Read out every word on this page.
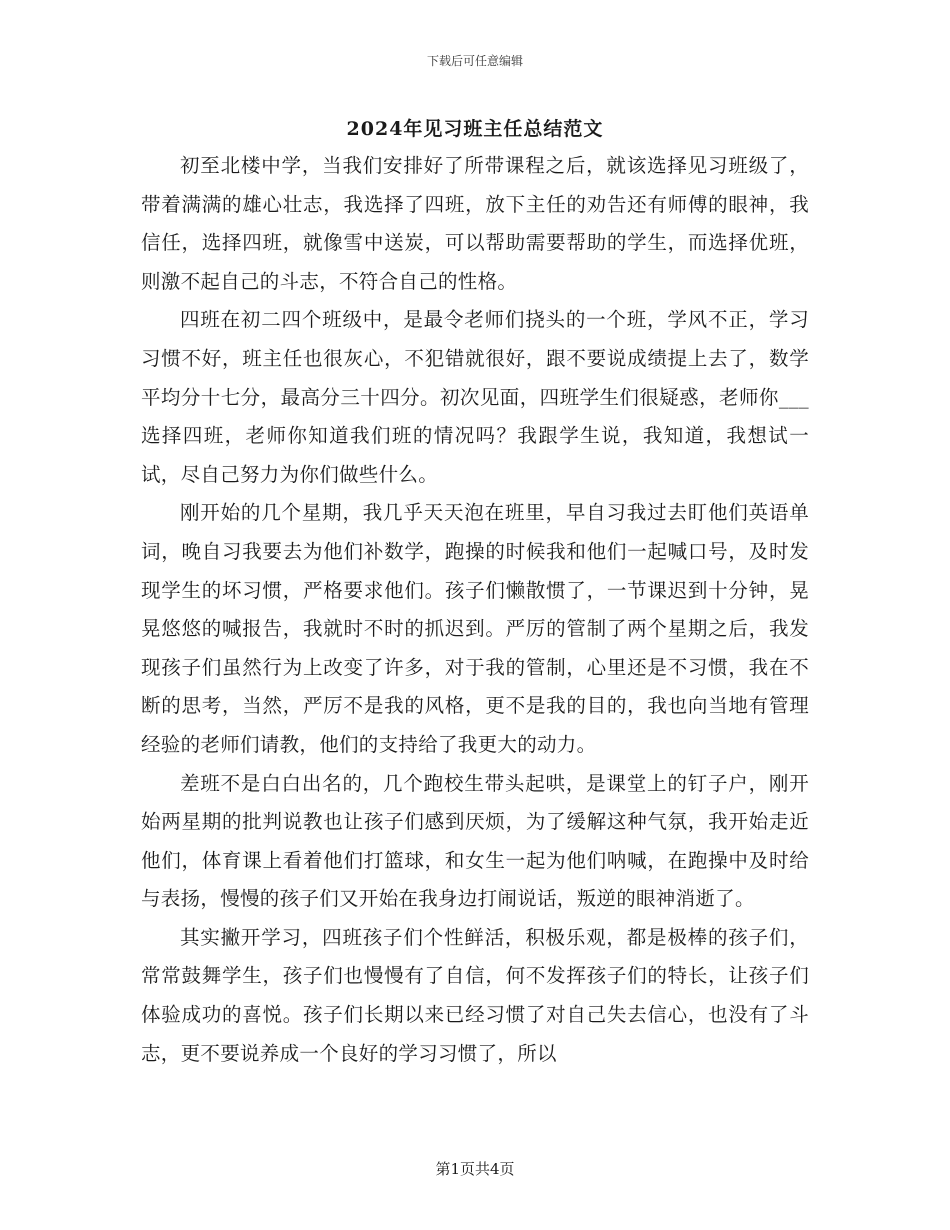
下载后可任意编辑
2024年见习班主任总结范文

初至北楼中学，当我们安排好了所带课程之后，就该选择见习班级了，带着满满的雄心壮志，我选择了四班，放下主任的劝告还有师傅的眼神，我信任，选择四班，就像雪中送炭，可以帮助需要帮助的学生，而选择优班，则激不起自己的斗志，不符合自己的性格。

四班在初二四个班级中，是最令老师们挠头的一个班，学风不正，学习习惯不好，班主任也很灰心，不犯错就很好，跟不要说成绩提上去了，数学平均分十七分，最高分三十四分。初次见面，四班学生们很疑惑，老师你___选择四班，老师你知道我们班的情况吗？我跟学生说，我知道，我想试一试，尽自己努力为你们做些什么。

刚开始的几个星期，我几乎天天泡在班里，早自习我过去盯他们英语单词，晚自习我要去为他们补数学，跑操的时候我和他们一起喊口号，及时发现学生的坏习惯，严格要求他们。孩子们懒散惯了，一节课迟到十分钟，晃晃悠悠的喊报告，我就时不时的抓迟到。严厉的管制了两个星期之后，我发现孩子们虽然行为上改变了许多，对于我的管制，心里还是不习惯，我在不断的思考，当然，严厉不是我的风格，更不是我的目的，我也向当地有管理经验的老师们请教，他们的支持给了我更大的动力。

差班不是白白出名的，几个跑校生带头起哄，是课堂上的钉子户，刚开始两星期的批判说教也让孩子们感到厌烦，为了缓解这种气氛，我开始走近他们，体育课上看着他们打篮球，和女生一起为他们呐喊，在跑操中及时给与表扬，慢慢的孩子们又开始在我身边打闹说话，叛逆的眼神消逝了。

其实撇开学习，四班孩子们个性鲜活，积极乐观，都是极棒的孩子们，常常鼓舞学生，孩子们也慢慢有了自信，何不发挥孩子们的特长，让孩子们体验成功的喜悦。孩子们长期以来已经习惯了对自己失去信心，也没有了斗志，更不要说养成一个良好的学习习惯了，所以

第1页共4页
